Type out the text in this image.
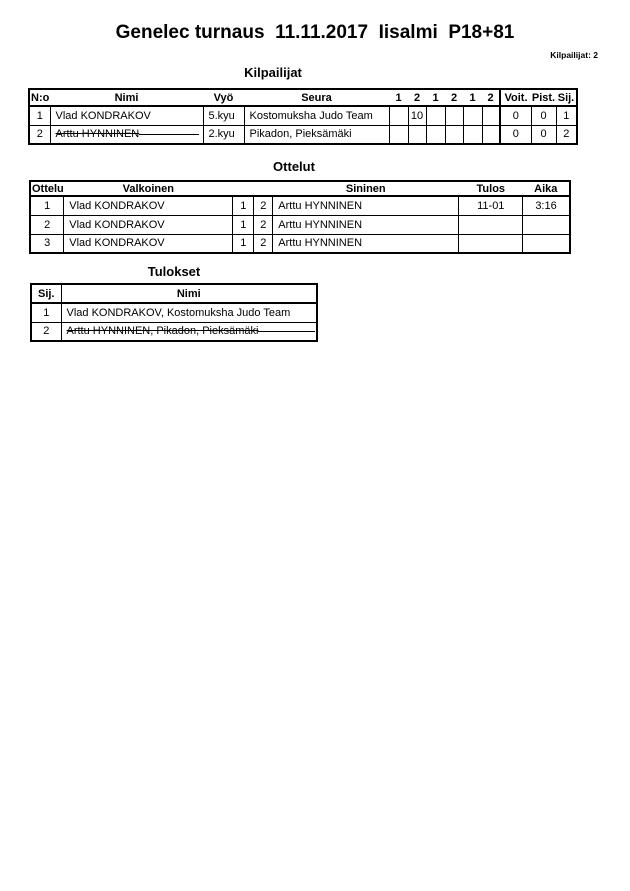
Genelec turnaus  11.11.2017  Iisalmi  P18+81
Kilpailijat: 2
Kilpailijat
N:o	Nimi	Vyö	Seura	1	2	1	2	1	2	Voit.	Pist.	Sij.
1	Vlad KONDRAKOV	5.kyu	Kostomuksha Judo Team		10					0	0	1
2	Arttu HYNNINEN	2.kyu	Pikadon, Pieksämäki							0	0	2
Ottelut
Ottelu	Valkoinen			Sininen	Tulos	Aika
1	Vlad KONDRAKOV	1	2	Arttu HYNNINEN	11-01	3:16
2	Vlad KONDRAKOV	1	2	Arttu HYNNINEN		
3	Vlad KONDRAKOV	1	2	Arttu HYNNINEN		
Tulokset
Sij.	Nimi
1	Vlad KONDRAKOV, Kostomuksha Judo Team
2	Arttu HYNNINEN, Pikadon, Pieksämäki
